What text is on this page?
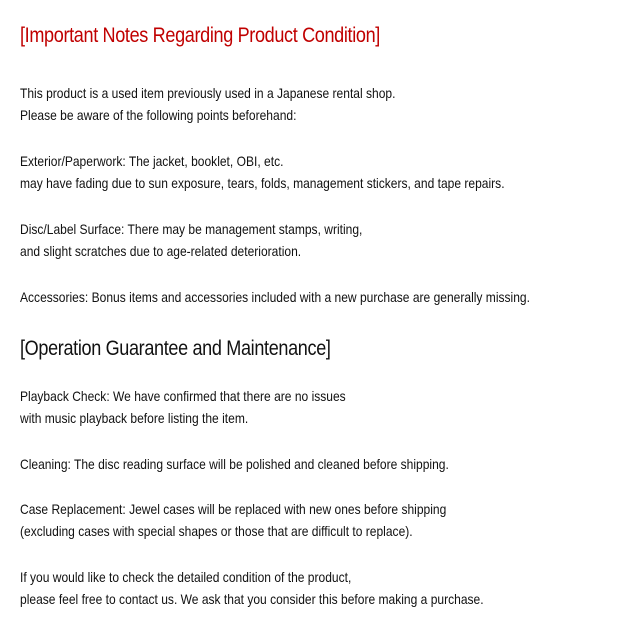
[Important Notes Regarding Product Condition]
This product is a used item previously used in a Japanese rental shop.
Please be aware of the following points beforehand:
Exterior/Paperwork: The jacket, booklet, OBI, etc.
may have fading due to sun exposure, tears, folds, management stickers, and tape repairs.
Disc/Label Surface: There may be management stamps, writing,
and slight scratches due to age-related deterioration.
Accessories: Bonus items and accessories included with a new purchase are generally missing.
[Operation Guarantee and Maintenance]
Playback Check: We have confirmed that there are no issues
with music playback before listing the item.
Cleaning: The disc reading surface will be polished and cleaned before shipping.
Case Replacement: Jewel cases will be replaced with new ones before shipping
(excluding cases with special shapes or those that are difficult to replace).
If you would like to check the detailed condition of the product,
please feel free to contact us. We ask that you consider this before making a purchase.
